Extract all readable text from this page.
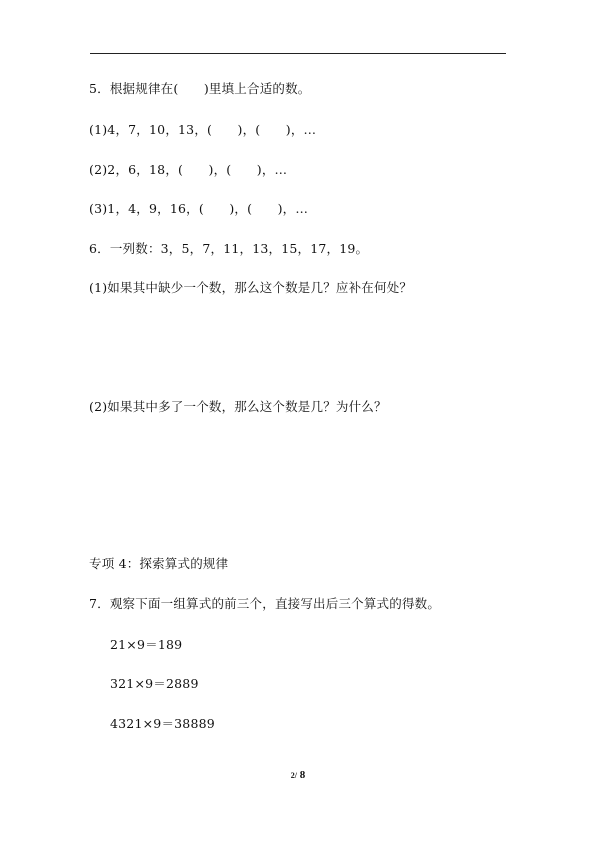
5．根据规律在(　　)里填上合适的数。
(1)4，7，10，13，(　　)，(　　)，…
(2)2，6，18，(　　)，(　　)，…
(3)1，4，9，16，(　　)，(　　)，…
6．一列数：3，5，7，11，13，15，17，19。
(1)如果其中缺少一个数，那么这个数是几？应补在何处？
(2)如果其中多了一个数，那么这个数是几？为什么？
专项 4：探索算式的规律
7．观察下面一组算式的前三个，直接写出后三个算式的得数。
21×9＝189
321×9＝2889
4321×9＝38889
2/ 8
